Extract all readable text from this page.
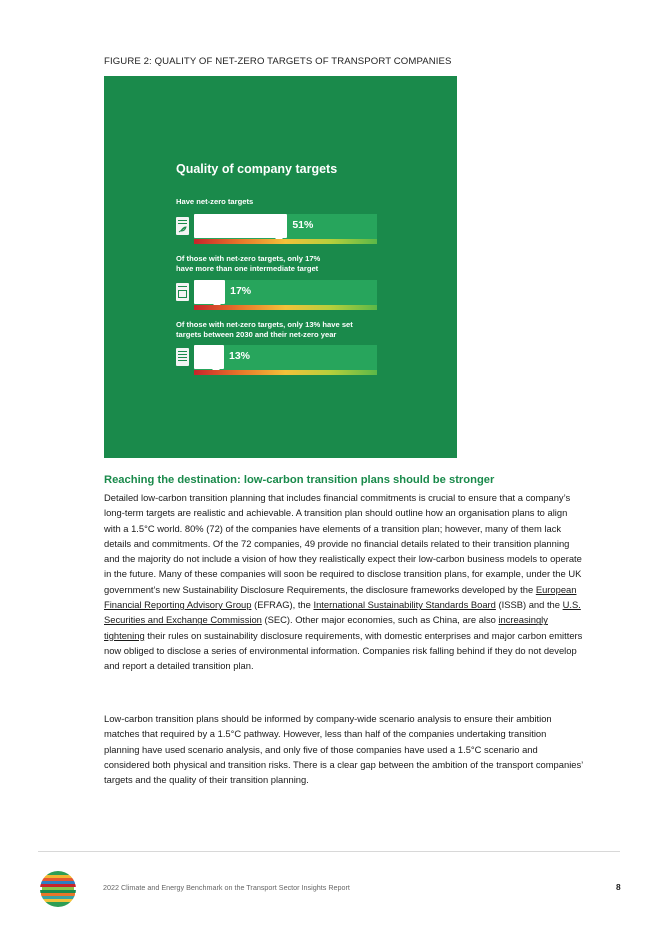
FIGURE 2: QUALITY OF NET-ZERO TARGETS OF TRANSPORT COMPANIES
Quality of company targets
Have net-zero targets
51%
Of those with net-zero targets, only 17%
have more than one intermediate target
17%
Of those with net-zero targets, only 13% have set
targets between 2030 and their net-zero year
13%
Reaching the destination: low-carbon transition plans should be stronger

Detailed low-carbon transition planning that includes financial commitments is crucial to ensure that a company’s long-term targets are realistic and achievable. A transition plan should outline how an organisation plans to align with a 1.5°C world. 80% (72) of the companies have elements of a transition plan; however, many of them lack details and commitments. Of the 72 companies, 49 provide no financial details related to their transition planning and the majority do not include a vision of how they realistically expect their low-carbon business models to operate in the future. Many of these companies will soon be required to disclose transition plans, for example, under the UK government’s new Sustainability Disclosure Requirements, the disclosure frameworks developed by the European Financial Reporting Advisory Group (EFRAG), the International Sustainability Standards Board (ISSB) and the U.S. Securities and Exchange Commission (SEC). Other major economies, such as China, are also increasingly tightening their rules on sustainability disclosure requirements, with domestic enterprises and major carbon emitters now obliged to disclose a series of environmental information. Companies risk falling behind if they do not develop and report a detailed transition plan.

Low-carbon transition plans should be informed by company-wide scenario analysis to ensure their ambition matches that required by a 1.5°C pathway. However, less than half of the companies undertaking transition planning have used scenario analysis, and only five of those companies have used a 1.5°C scenario and considered both physical and transition risks. There is a clear gap between the ambition of the transport companies’ targets and the quality of their transition planning.

2022 Climate and Energy Benchmark on the Transport Sector Insights Report	8
